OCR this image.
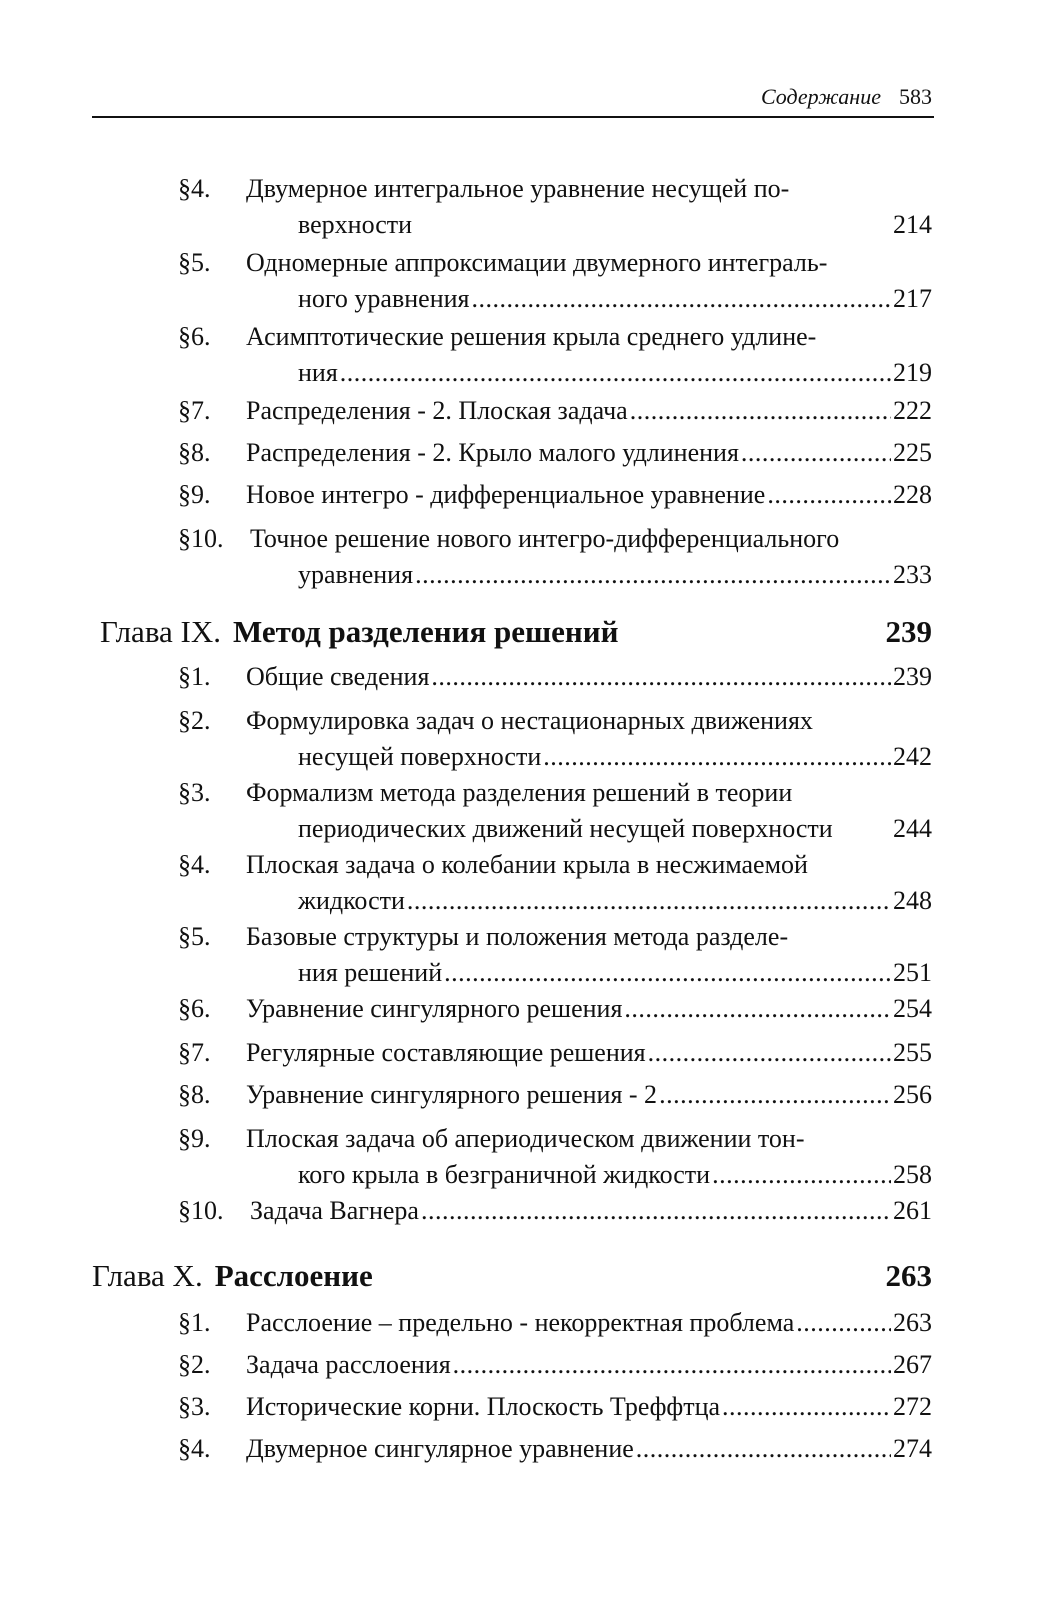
Содержание 583
§4. Двумерное интегральное уравнение несущей по-
верхности	214
§5. Одномерные аппроксимации двумерного интеграль-
ного уравнения . . .	217
§6. Асимптотические решения крыла среднего удлине-
ния . . .	219
§7. Распределения - 2. Плоская задача . . .	222
§8. Распределения - 2. Крыло малого удлинения . . .	225
§9. Новое интегро - дифференциальное уравнение . . .	228
§10. Точное решение нового интегро-дифференциального
уравнения . . .	233
Глава IX. Метод разделения решений	239
§1. Общие сведения . . .	239
§2. Формулировка задач о нестационарных движениях
несущей поверхности . . .	242
§3. Формализм метода разделения решений в теории
периодических движений несущей поверхности 244
§4. Плоская задача о колебании крыла в несжимаемой
жидкости . . .	248
§5. Базовые структуры и положения метода разделе-
ния решений . . .	251
§6. Уравнение сингулярного решения . . .	254
§7. Регулярные составляющие решения . . .	255
§8. Уравнение сингулярного решения - 2 . . .	256
§9. Плоская задача об апериодическом движении тон-
кого крыла в безграничной жидкости . . .	258
§10. Задача Вагнера . . .	261
Глава X. Расслоение	263
§1. Расслоение – предельно - некорректная проблема . . .	263
§2. Задача расслоения . . .	267
§3. Исторические корни. Плоскость Треффтца . . .	272
§4. Двумерное сингулярное уравнение . . .	274
